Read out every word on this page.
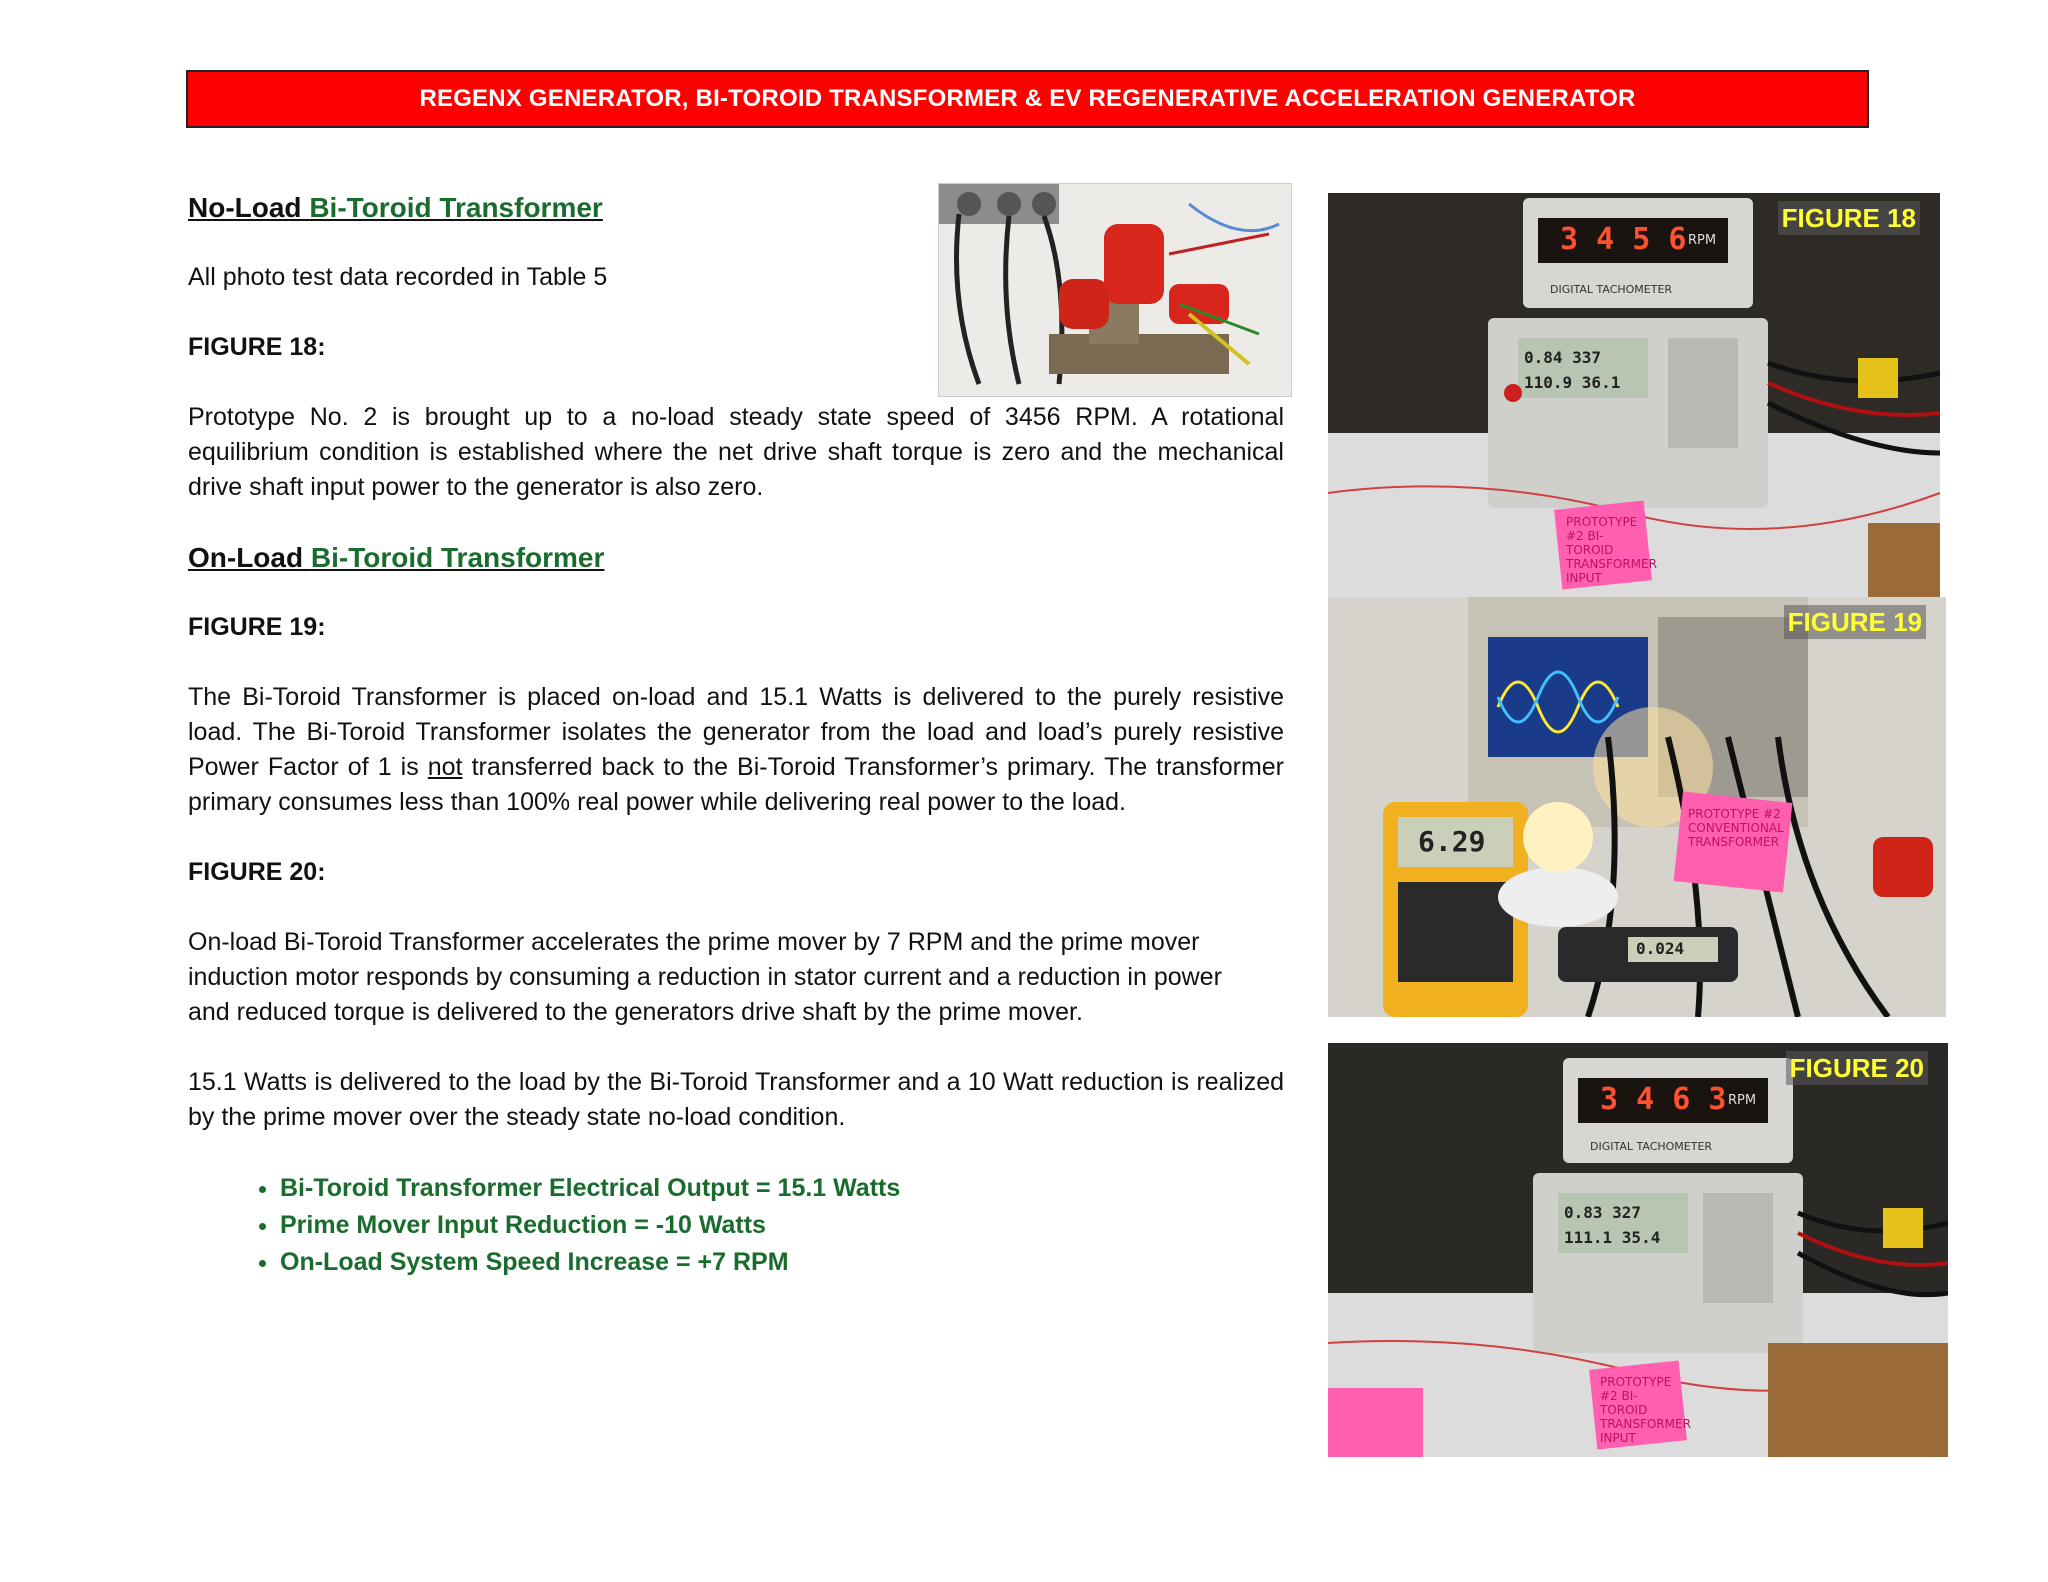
REGENX GENERATOR, BI-TOROID TRANSFORMER & EV REGENERATIVE ACCELERATION GENERATOR

No-Load Bi-Toroid Transformer

All photo test data recorded in Table 5

FIGURE 18:

Prototype No. 2 is brought up to a no-load steady state speed of 3456 RPM. A rotational equilibrium condition is established where the net drive shaft torque is zero and the mechanical drive shaft input power to the generator is also zero.

On-Load Bi-Toroid Transformer

FIGURE 19:

The Bi-Toroid Transformer is placed on-load and 15.1 Watts is delivered to the purely resistive load. The Bi-Toroid Transformer isolates the generator from the load and load’s purely resistive Power Factor of 1 is not transferred back to the Bi-Toroid Transformer’s primary. The transformer primary consumes less than 100% real power while delivering real power to the load.

FIGURE 20:

On-load Bi-Toroid Transformer accelerates the prime mover by 7 RPM and the prime mover induction motor responds by consuming a reduction in stator current and a reduction in power and reduced torque is delivered to the generators drive shaft by the prime mover.

15.1 Watts is delivered to the load by the Bi-Toroid Transformer and a 10 Watt reduction is realized by the prime mover over the steady state no-load condition.

• Bi-Toroid Transformer Electrical Output = 15.1 Watts
• Prime Mover Input Reduction = -10 Watts
• On-Load System Speed Increase = +7 RPM
3 4 5 6 RPM
DIGITAL TACHOMETER
0.84 337
110.9 36.1
PROTOTYPE #2 BI-TOROID TRANSFORMER INPUT
FIGURE 18
6.29
0.024
PROTOTYPE #2 CONVENTIONAL TRANSFORMER
FIGURE 19
3 4 6 3 RPM
DIGITAL TACHOMETER
0.83 327
111.1 35.4
PROTOTYPE #2 BI-TOROID TRANSFORMER INPUT
FIGURE 20
